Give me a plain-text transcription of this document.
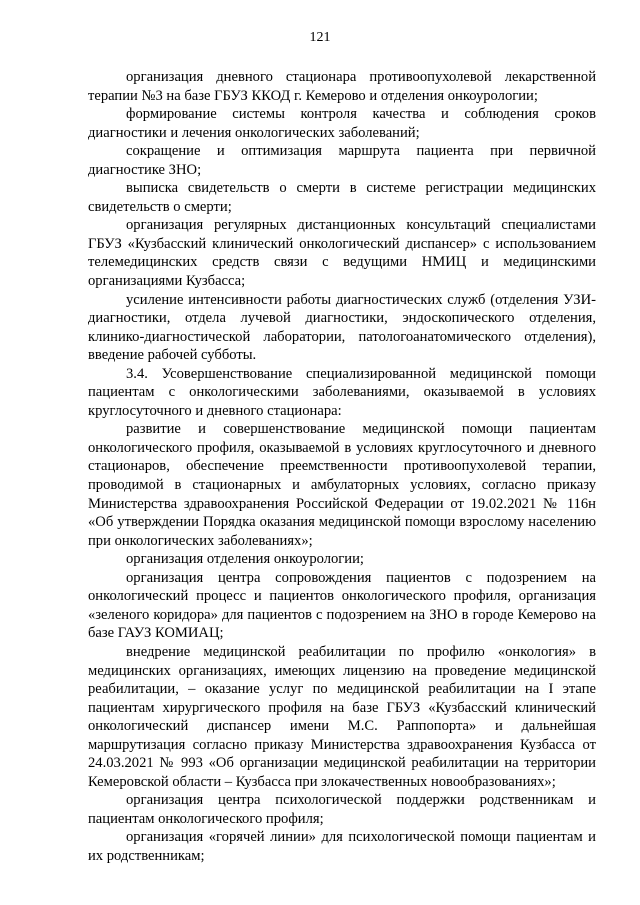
121

организация дневного стационара противоопухолевой лекарственной терапии №3 на базе ГБУЗ ККОД г. Кемерово и отделения онкоурологии;

формирование системы контроля качества и соблюдения сроков диагностики и лечения онкологических заболеваний;

сокращение и оптимизация маршрута пациента при первичной диагностике ЗНО;

выписка свидетельств о смерти в системе регистрации медицинских свидетельств о смерти;

организация регулярных дистанционных консультаций специалистами ГБУЗ «Кузбасский клинический онкологический диспансер» с использованием телемедицинских средств связи с ведущими НМИЦ и медицинскими организациями Кузбасса;

усиление интенсивности работы диагностических служб (отделения УЗИ-диагностики, отдела лучевой диагностики, эндоскопического отделения, клинико-диагностической лаборатории, патологоанатомического отделения), введение рабочей субботы.

3.4. Усовершенствование специализированной медицинской помощи пациентам с онкологическими заболеваниями, оказываемой в условиях круглосуточного и дневного стационара:

развитие и совершенствование медицинской помощи пациентам онкологического профиля, оказываемой в условиях круглосуточного и дневного стационаров, обеспечение преемственности противоопухолевой терапии, проводимой в стационарных и амбулаторных условиях, согласно приказу Министерства здравоохранения Российской Федерации от 19.02.2021 № 116н «Об утверждении Порядка оказания медицинской помощи взрослому населению при онкологических заболеваниях»;

организация отделения онкоурологии;

организация центра сопровождения пациентов с подозрением на онкологический процесс и пациентов онкологического профиля, организация «зеленого коридора» для пациентов с подозрением на ЗНО в городе Кемерово на базе ГАУЗ КОМИАЦ;

внедрение медицинской реабилитации по профилю «онкология» в медицинских организациях, имеющих лицензию на проведение медицинской реабилитации, – оказание услуг по медицинской реабилитации на I этапе пациентам хирургического профиля на базе ГБУЗ «Кузбасский клинический онкологический диспансер имени М.С. Раппопорта» и дальнейшая маршрутизация согласно приказу Министерства здравоохранения Кузбасса от 24.03.2021 № 993 «Об организации медицинской реабилитации на территории Кемеровской области – Кузбасса при злокачественных новообразованиях»;

организация центра психологической поддержки родственникам и пациентам онкологического профиля;

организация «горячей линии» для психологической помощи пациентам и их родственникам;
